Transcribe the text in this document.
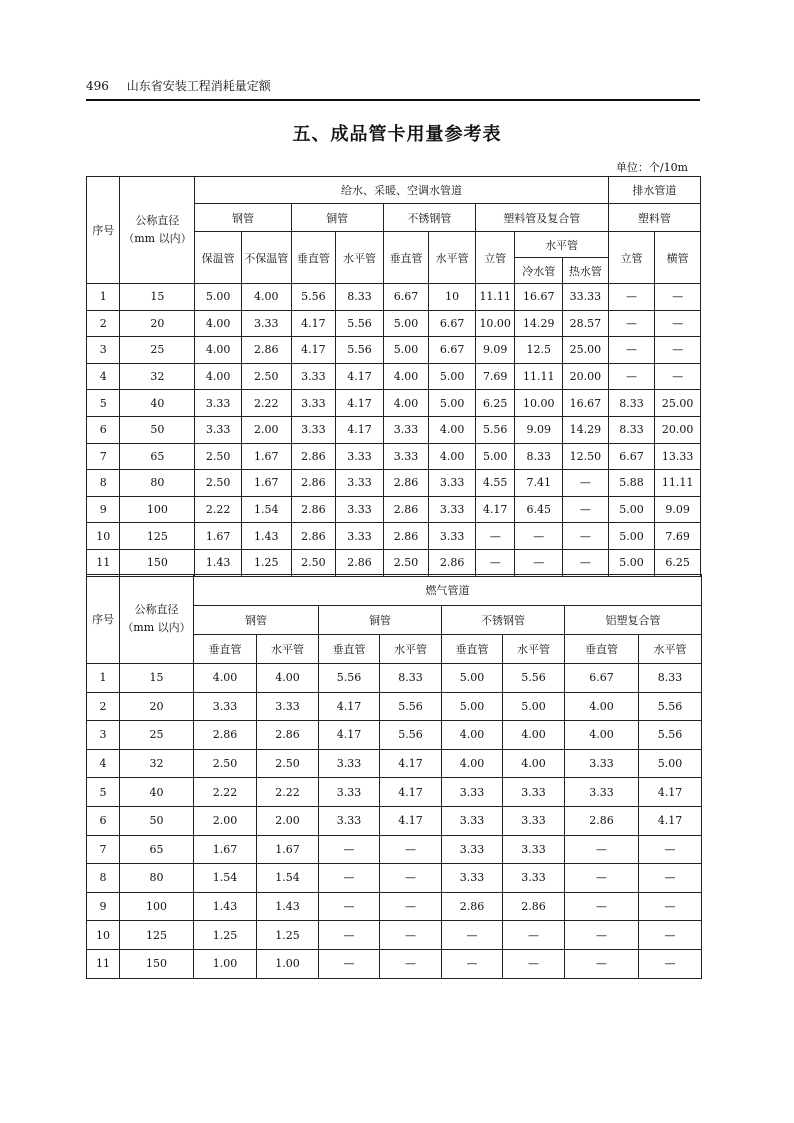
496 山东省安装工程消耗量定额
五、成品管卡用量参考表
单位：个/10m
序号	公称直径（mm 以内）	给水、采暖、空调水管道									排水管道	
		钢管		铜管		不锈钢管		塑料管及复合管			塑料管	
		保温管	不保温管	垂直管	水平管	垂直管	水平管	立管	水平管		立管	横管
									冷水管	热水管		
1	15	5.00	4.00	5.56	8.33	6.67	10	11.11	16.67	33.33	—	—
2	20	4.00	3.33	4.17	5.56	5.00	6.67	10.00	14.29	28.57	—	—
3	25	4.00	2.86	4.17	5.56	5.00	6.67	9.09	12.5	25.00	—	—
4	32	4.00	2.50	3.33	4.17	4.00	5.00	7.69	11.11	20.00	—	—
5	40	3.33	2.22	3.33	4.17	4.00	5.00	6.25	10.00	16.67	8.33	25.00
6	50	3.33	2.00	3.33	4.17	3.33	4.00	5.56	9.09	14.29	8.33	20.00
7	65	2.50	1.67	2.86	3.33	3.33	4.00	5.00	8.33	12.50	6.67	13.33
8	80	2.50	1.67	2.86	3.33	2.86	3.33	4.55	7.41	—	5.88	11.11
9	100	2.22	1.54	2.86	3.33	2.86	3.33	4.17	6.45	—	5.00	9.09
10	125	1.67	1.43	2.86	3.33	2.86	3.33	—	—	—	5.00	7.69
11	150	1.43	1.25	2.50	2.86	2.50	2.86	—	—	—	5.00	6.25
序号	公称直径（mm 以内）	燃气管道							
		钢管		铜管		不锈钢管		铝塑复合管	
		垂直管	水平管	垂直管	水平管	垂直管	水平管	垂直管	水平管
1	15	4.00	4.00	5.56	8.33	5.00	5.56	6.67	8.33
2	20	3.33	3.33	4.17	5.56	5.00	5.00	4.00	5.56
3	25	2.86	2.86	4.17	5.56	4.00	4.00	4.00	5.56
4	32	2.50	2.50	3.33	4.17	4.00	4.00	3.33	5.00
5	40	2.22	2.22	3.33	4.17	3.33	3.33	3.33	4.17
6	50	2.00	2.00	3.33	4.17	3.33	3.33	2.86	4.17
7	65	1.67	1.67	—	—	3.33	3.33	—	—
8	80	1.54	1.54	—	—	3.33	3.33	—	—
9	100	1.43	1.43	—	—	2.86	2.86	—	—
10	125	1.25	1.25	—	—	—	—	—	—
11	150	1.00	1.00	—	—	—	—	—	—
